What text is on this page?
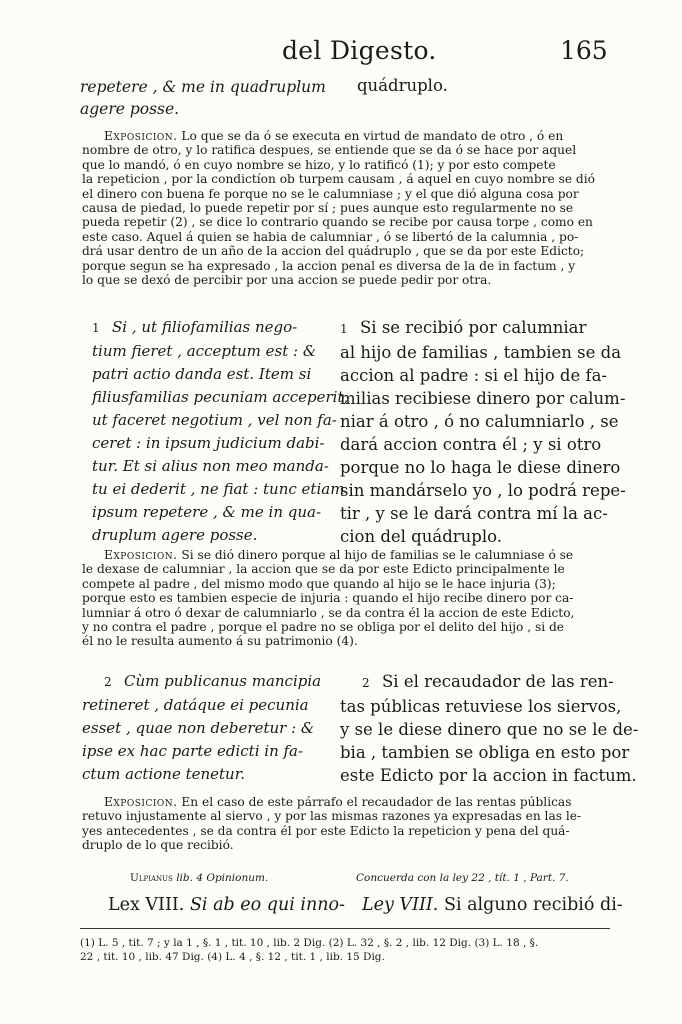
del Digesto.	165
repetere , & me in quadruplum
agere posse.
quádruplo.
Exposicion. Lo que se da ó se executa en virtud de mandato de otro , ó en
nombre de otro, y lo ratifica despues, se entiende que se da ó se hace por aquel
que lo mandó, ó en cuyo nombre se hizo, y lo ratificó (1); y por esto compete
la repeticion , por la condictíon ob turpem causam , á aquel en cuyo nombre se dió
el dinero con buena fe porque no se le calumniase ; y el que dió alguna cosa por
causa de piedad, lo puede repetir por sí ; pues aunque esto regularmente no se
pueda repetir (2) , se dice lo contrario quando se recibe por causa torpe , como en
este caso. Aquel á quien se habia de calumniar , ó se libertó de la calumnia , po-
drá usar dentro de un año de la accion del quádruplo , que se da por este Edicto;
porque segun se ha expresado , la accion penal es diversa de la de in factum , y
lo que se dexó de percibir por una accion se puede pedir por otra.
1 Si , ut filiofamilias nego-
tium fieret , acceptum est : &
patri actio danda est. Item si
filiusfamilias pecuniam acceperit,
ut faceret negotium , vel non fa-
ceret : in ipsum judicium dabi-
tur. Et si alius non meo manda-
tu ei dederit , ne fiat : tunc etiam
ipsum repetere , & me in qua-
druplum agere posse.
1 Si se recibió por calumniar
al hijo de familias , tambien se da
accion al padre : si el hijo de fa-
milias recibiese dinero por calum-
niar á otro , ó no calumniarlo , se
dará accion contra él ; y si otro
porque no lo haga le diese dinero
sin mandárselo yo , lo podrá repe-
tir , y se le dará contra mí la ac-
cion del quádruplo.
Exposicion. Si se dió dinero porque al hijo de familias se le calumniase ó se
le dexase de calumniar , la accion que se da por este Edicto principalmente le
compete al padre , del mismo modo que quando al hijo se le hace injuria (3);
porque esto es tambien especie de injuria : quando el hijo recibe dinero por ca-
lumniar á otro ó dexar de calumniarlo , se da contra él la accion de este Edicto,
y no contra el padre , porque el padre no se obliga por el delito del hijo , si de
él no le resulta aumento á su patrimonio (4).
2 Cùm publicanus mancipia
retineret , datáque ei pecunia
esset , quae non deberetur : &
ipse ex hac parte edicti in fa-
ctum actione tenetur.
2 Si el recaudador de las ren-
tas públicas retuviese los siervos,
y se le diese dinero que no se le de-
bia , tambien se obliga en esto por
este Edicto por la accion in factum.
Exposicion. En el caso de este párrafo el recaudador de las rentas públicas
retuvo injustamente al siervo , y por las mismas razones ya expresadas en las le-
yes antecedentes , se da contra él por este Edicto la repeticion y pena del quá-
druplo de lo que recibió.
Ulpianus lib. 4 Opinionum.	Concuerda con la ley 22 , tít. 1 , Part. 7.
Lex VIII. Si ab eo qui inno- Ley VIII. Si alguno recibió di-
(1) L. 5 , tit. 7 ; y la 1 , §. 1 , tit. 10 , lib. 2 Dig. (2) L. 32 , §. 2 , lib. 12 Dig. (3) L. 18 , §.
22 , tit. 10 , lib. 47 Dig. (4) L. 4 , §. 12 , tit. 1 , lib. 15 Dig.
